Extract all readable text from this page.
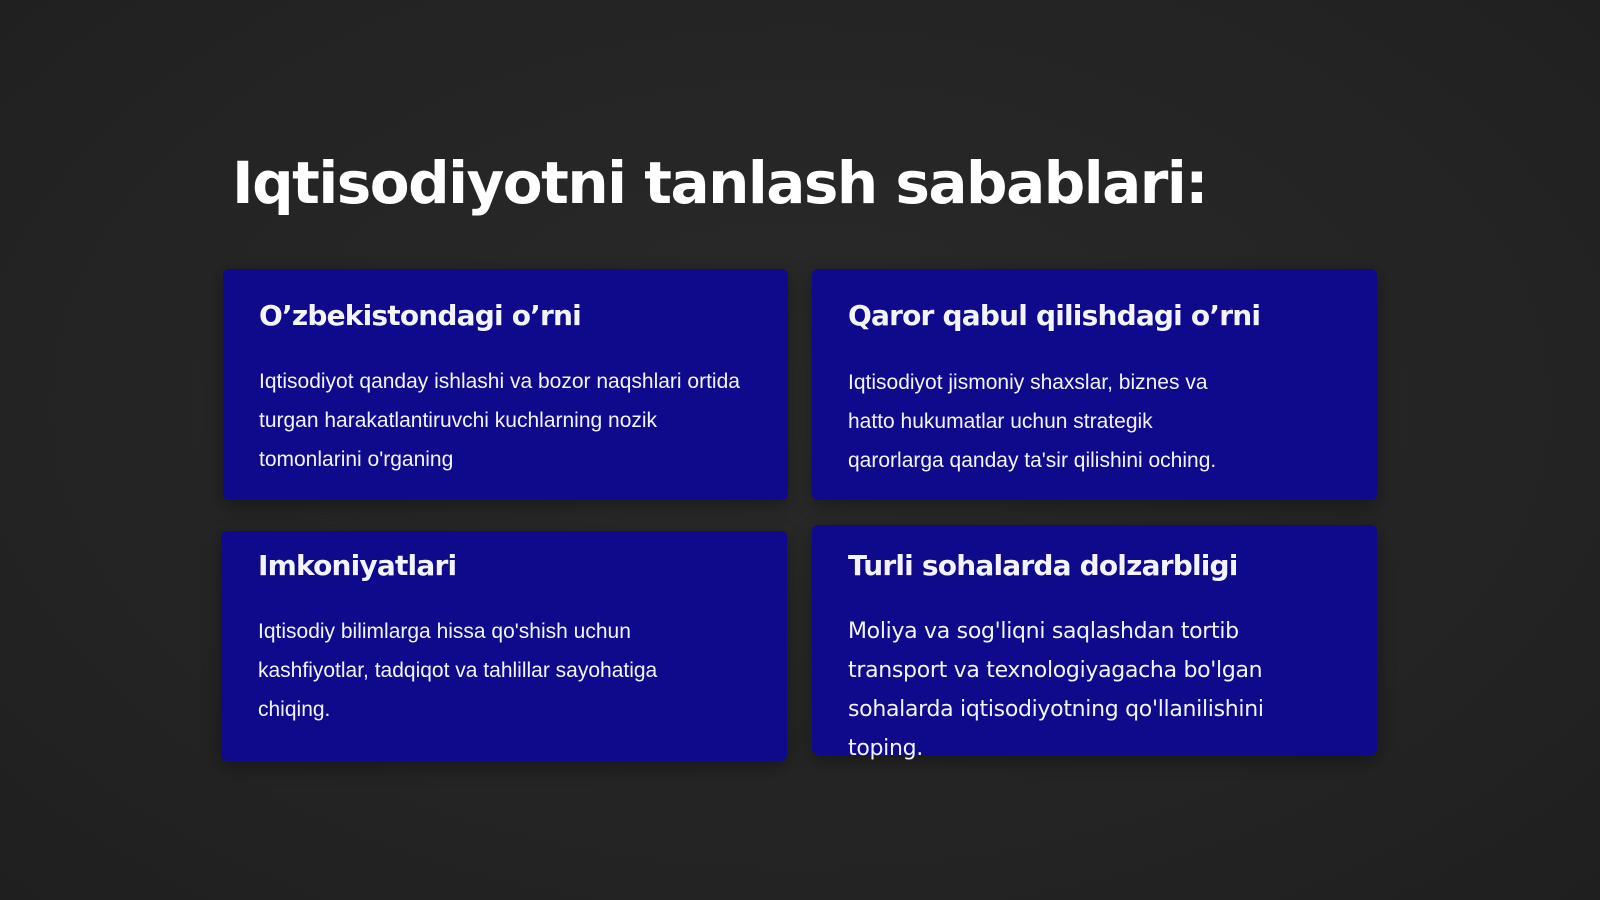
Iqtisodiyotni tanlash sabablari:
O’zbekistondagi o’rni

Iqtisodiyot qanday ishlashi va bozor naqshlari ortida turgan harakatlantiruvchi kuchlarning nozik tomonlarini o'rganing

Qaror qabul qilishdagi o’rni

Iqtisodiyot jismoniy shaxslar, biznes va hatto hukumatlar uchun strategik qarorlarga qanday ta'sir qilishini oching.

Imkoniyatlari

Iqtisodiy bilimlarga hissa qo'shish uchun kashfiyotlar, tadqiqot va tahlillar sayohatiga chiqing.

Turli sohalarda dolzarbligi

Moliya va sog'liqni saqlashdan tortib transport va texnologiyagacha bo'lgan sohalarda iqtisodiyotning qo'llanilishini toping.
